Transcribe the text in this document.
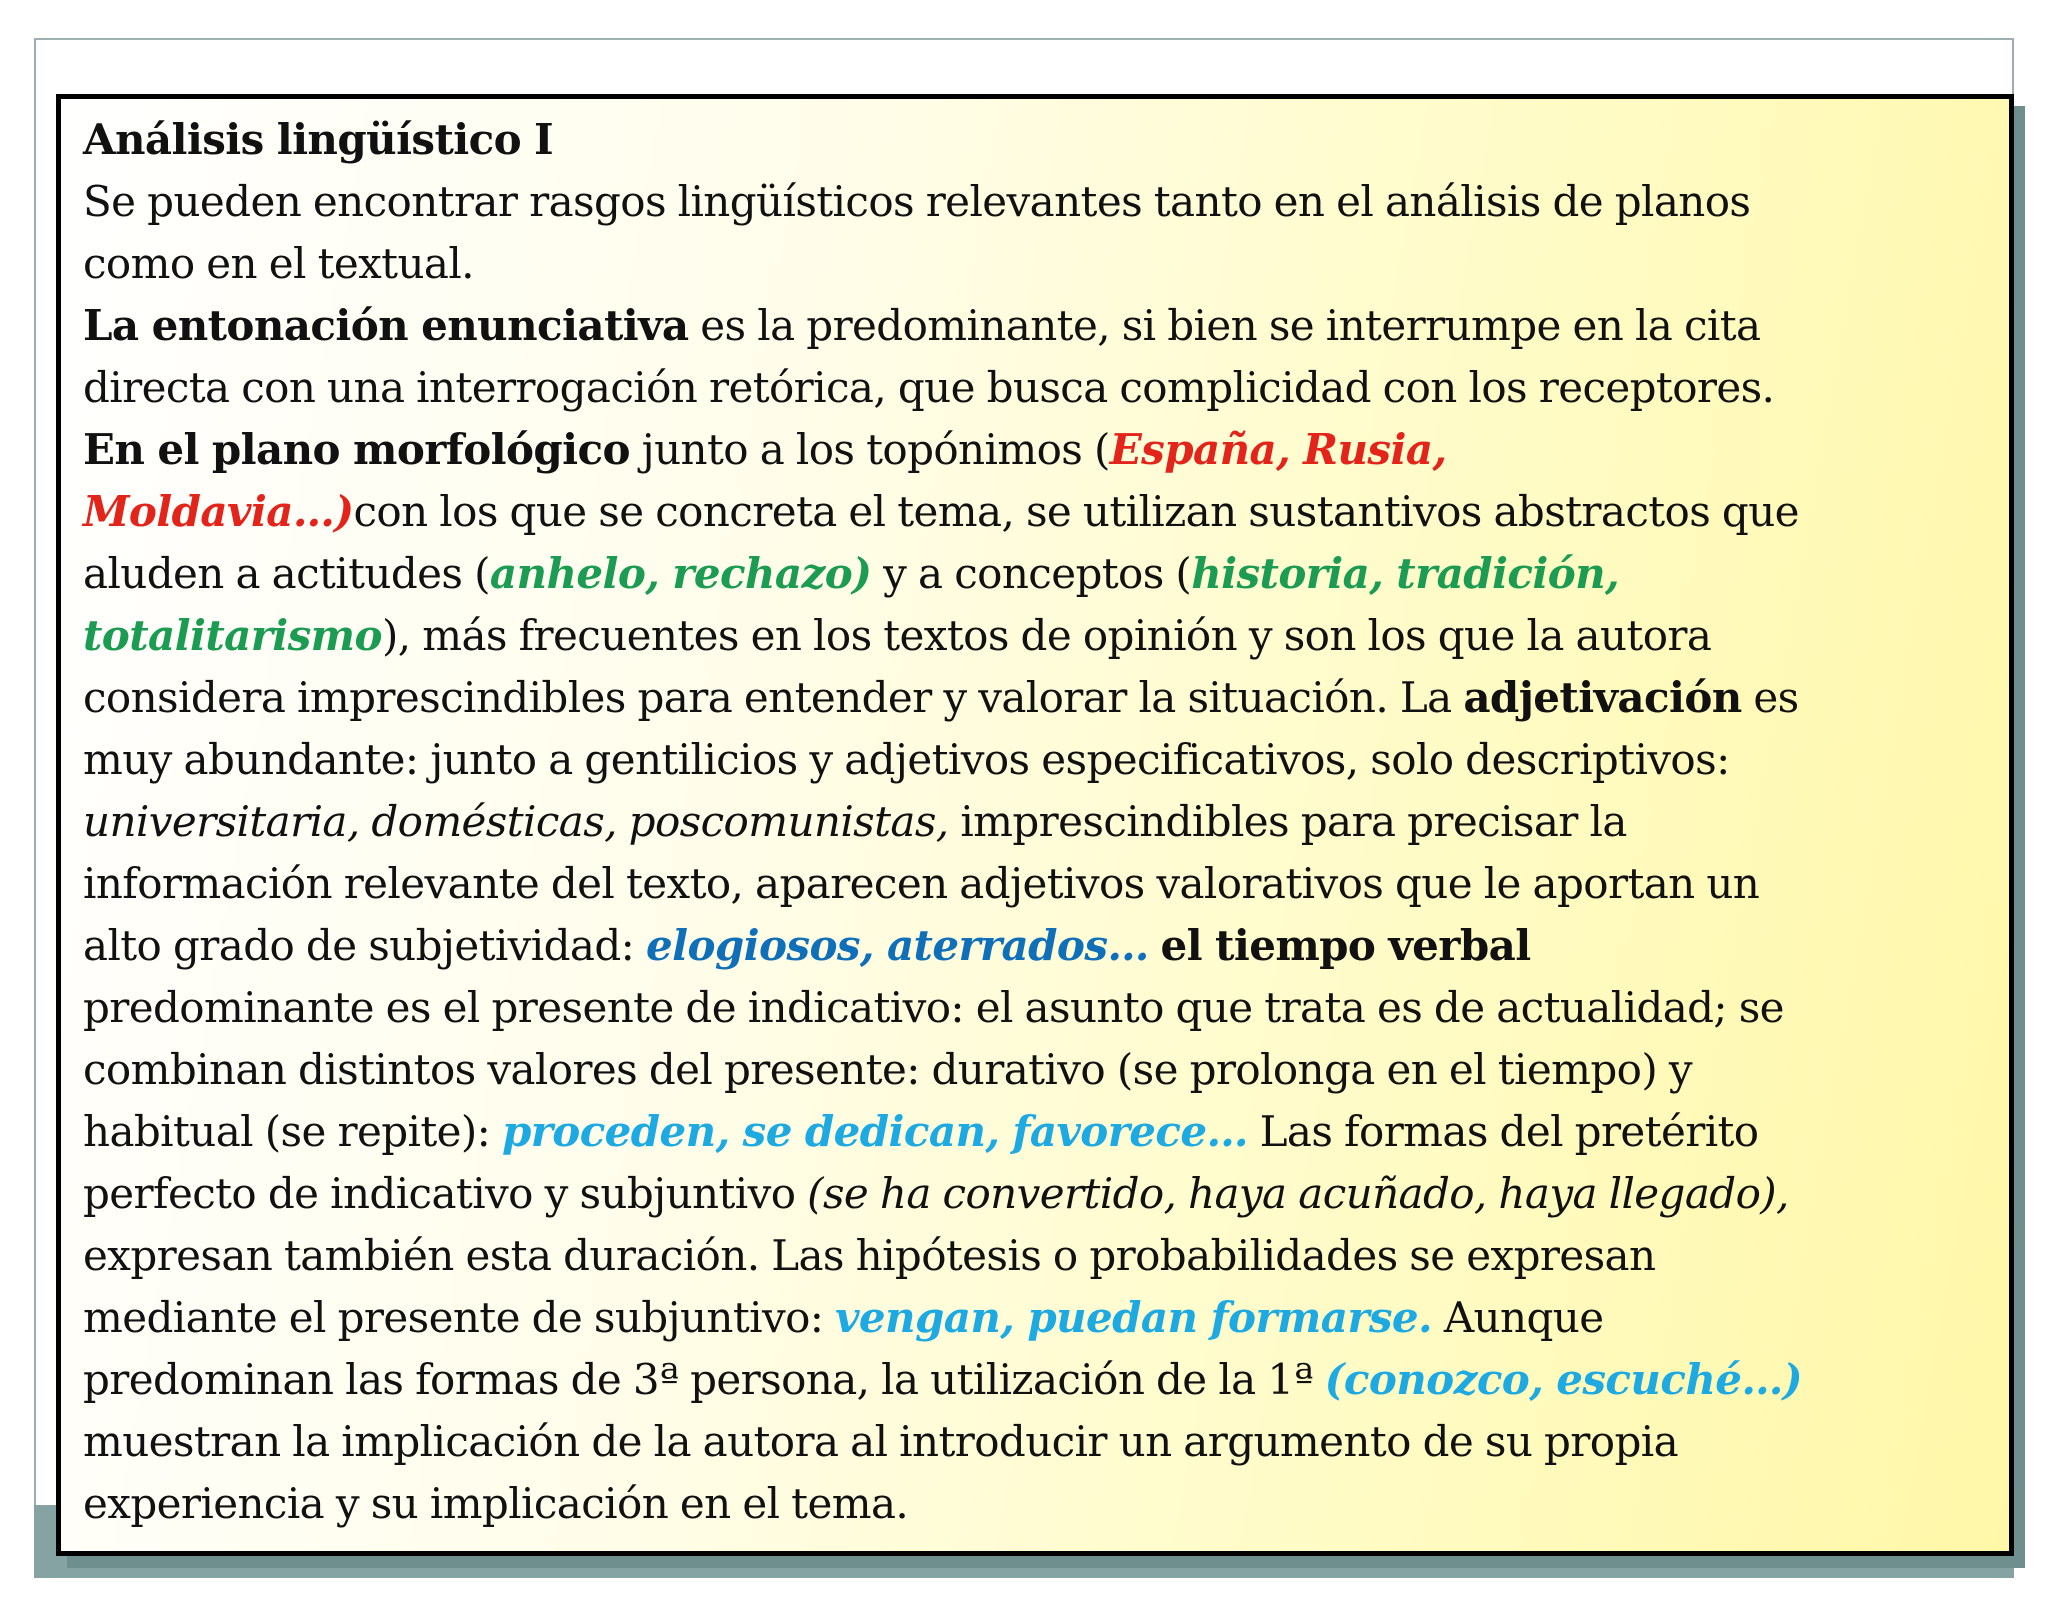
Análisis lingüístico I
Se pueden encontrar rasgos lingüísticos relevantes tanto en el análisis de planos
como en el textual.
La entonación enunciativa es la predominante, si bien se interrumpe en la cita
directa con una interrogación retórica, que busca complicidad con los receptores.
En el plano morfológico junto a los topónimos (España, Rusia,
Moldavia…)con los que se concreta el tema, se utilizan sustantivos abstractos que
aluden a actitudes (anhelo, rechazo) y a conceptos (historia, tradición,
totalitarismo), más frecuentes en los textos de opinión y son los que la autora
considera imprescindibles para entender y valorar la situación. La adjetivación es
muy abundante: junto a gentilicios y adjetivos especificativos, solo descriptivos:
universitaria, domésticas, poscomunistas, imprescindibles para precisar la
información relevante del texto, aparecen adjetivos valorativos que le aportan un
alto grado de subjetividad: elogiosos, aterrados… el tiempo verbal
predominante es el presente de indicativo: el asunto que trata es de actualidad; se
combinan distintos valores del presente: durativo (se prolonga en el tiempo) y
habitual (se repite): proceden, se dedican, favorece… Las formas del pretérito
perfecto de indicativo y subjuntivo (se ha convertido, haya acuñado, haya llegado),
expresan también esta duración. Las hipótesis o probabilidades se expresan
mediante el presente de subjuntivo: vengan, puedan formarse. Aunque
predominan las formas de 3ª persona, la utilización de la 1ª (conozco, escuché…)
muestran la implicación de la autora al introducir un argumento de su propia
experiencia y su implicación en el tema.
